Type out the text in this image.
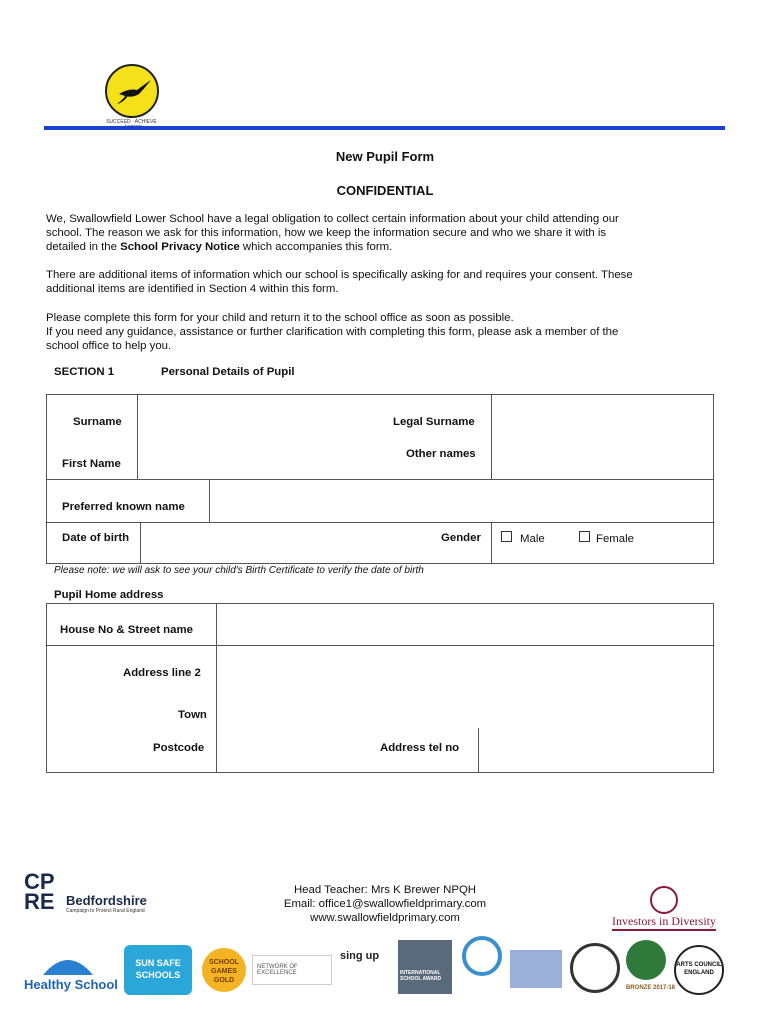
SUCCEED · ACHIEVE ·
New Pupil Form
CONFIDENTIAL
We, Swallowfield Lower School have a legal obligation to collect certain information about your child attending our
school. The reason we ask for this information, how we keep the information secure and who we share it with is
detailed in the School Privacy Notice which accompanies this form.
There are additional items of information which our school is specifically asking for and requires your consent. These
additional items are identified in Section 4 within this form.
Please complete this form for your child and return it to the school office as soon as possible.
If you need any guidance, assistance or further clarification with completing this form, please ask a member of the
school office to help you.
SECTION 1	Personal Details of Pupil
Surname	Legal Surname
First Name
Other names
Preferred known name
Date of birth	Gender	Male	Female
Please note: we will ask to see your child's Birth Certificate to verify the date of birth
Pupil Home address
House No & Street name
Address line 2
Town
Postcode	Address tel no
Head Teacher: Mrs K Brewer NPQH
Email: office1@swallowfieldprimary.com
www.swallowfieldprimary.com
CP
RE Bedfordshire
Campaign to Protect Rural England
Investors in Diversity
Healthy School
SUN SAFE SCHOOLS
SCHOOL GAMES GOLD
NETWORK OF EXCELLENCE
sing up
INTERNATIONAL SCHOOL AWARD
BRONZE 2017-18
ARTS COUNCIL ENGLAND
